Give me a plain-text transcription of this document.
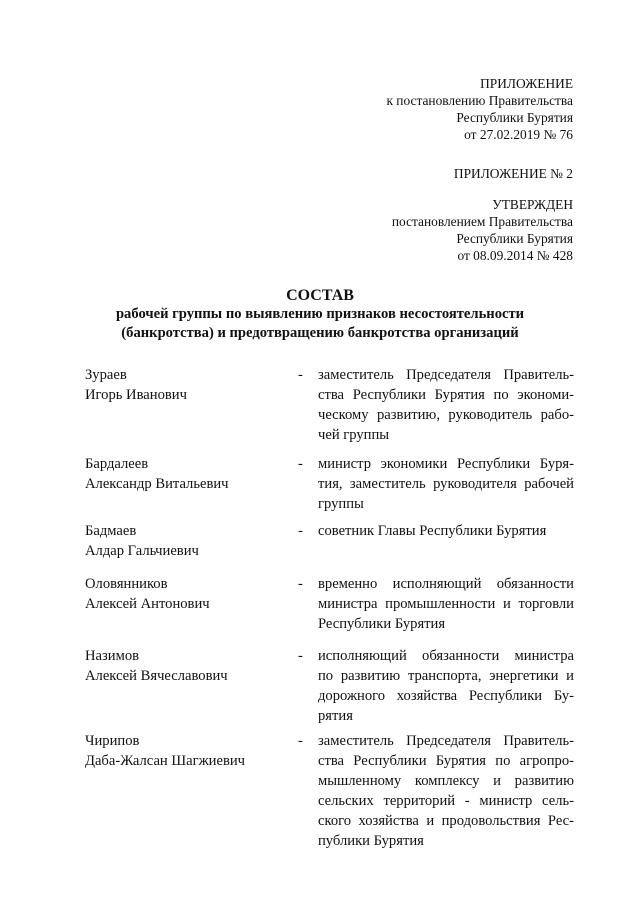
ПРИЛОЖЕНИЕ
к постановлению Правительства
Республики Бурятия
от 27.02.2019 № 76
ПРИЛОЖЕНИЕ № 2
УТВЕРЖДЕН
постановлением Правительства
Республики Бурятия
от 08.09.2014 № 428
СОСТАВ
рабочей группы по выявлению признаков несостоятельности
(банкротства) и предотвращению банкротства организаций
Зураев
Игорь Иванович
- заместитель Председателя Правитель-
ства Республики Бурятия по экономи-
ческому развитию, руководитель рабо-
чей группы
Бардалеев
Александр Витальевич
- министр экономики Республики Буря-
тия, заместитель руководителя рабочей
группы
Бадмаев
Алдар Гальчиевич
- советник Главы Республики Бурятия
Оловянников
Алексей Антонович
- временно исполняющий обязанности
министра промышленности и торговли
Республики Бурятия
Назимов
Алексей Вячеславович
- исполняющий обязанности министра
по развитию транспорта, энергетики и
дорожного хозяйства Республики Бу-
рятия
Чирипов
Даба-Жалсан Шагжиевич
- заместитель Председателя Правитель-
ства Республики Бурятия по агропро-
мышленному комплексу и развитию
сельских территорий - министр сель-
ского хозяйства и продовольствия Рес-
публики Бурятия
